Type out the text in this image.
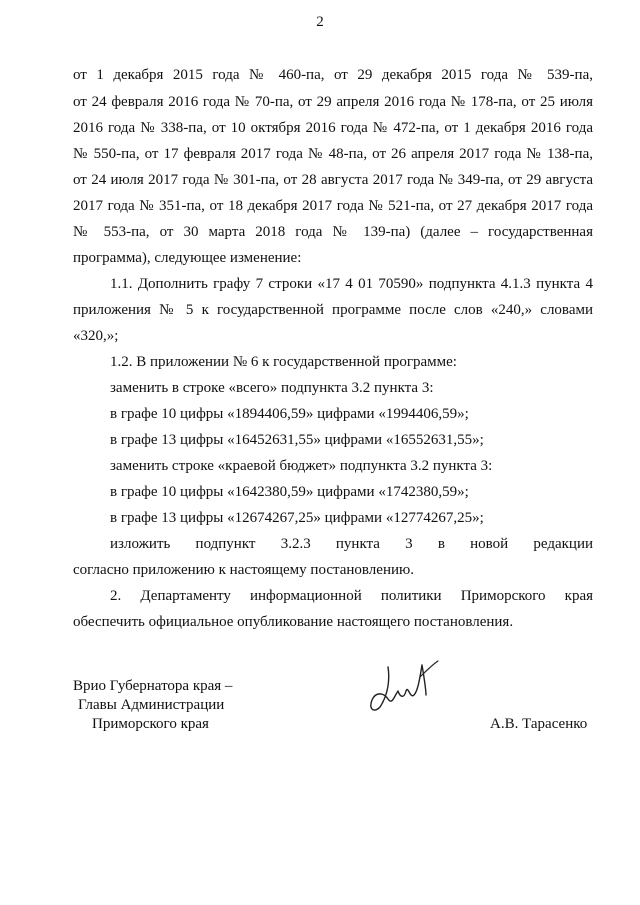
2
от 1 декабря 2015 года № 460-па, от 29 декабря 2015 года № 539-па,
от 24 февраля 2016 года № 70-па, от 29 апреля 2016 года № 178-па, от 25 июля
2016 года № 338-па, от 10 октября 2016 года № 472-па, от 1 декабря 2016 года
№ 550-па, от 17 февраля 2017 года № 48-па, от 26 апреля 2017 года № 138-па,
от 24 июля 2017 года № 301-па, от 28 августа 2017 года № 349-па, от 29 августа
2017 года № 351-па, от 18 декабря 2017 года № 521-па, от 27 декабря 2017 года
№ 553-па, от 30 марта 2018 года № 139-па) (далее – государственная
программа), следующее изменение:
1.1. Дополнить графу 7 строки «17 4 01 70590» подпункта 4.1.3 пункта 4
приложения № 5 к государственной программе после слов «240,» словами
«320,»;
1.2. В приложении № 6 к государственной программе:
заменить в строке «всего» подпункта 3.2 пункта 3:
в графе 10 цифры «1894406,59» цифрами «1994406,59»;
в графе 13 цифры «16452631,55» цифрами «16552631,55»;
заменить строке «краевой бюджет» подпункта 3.2 пункта 3:
в графе 10 цифры «1642380,59» цифрами «1742380,59»;
в графе 13 цифры «12674267,25» цифрами «12774267,25»;
изложить подпункт 3.2.3 пункта 3 в новой редакции
согласно приложению к настоящему постановлению.
2. Департаменту информационной политики Приморского края
обеспечить официальное опубликование настоящего постановления.
Врио Губернатора края –
Главы Администрации
Приморского края	А.В. Тарасенко
